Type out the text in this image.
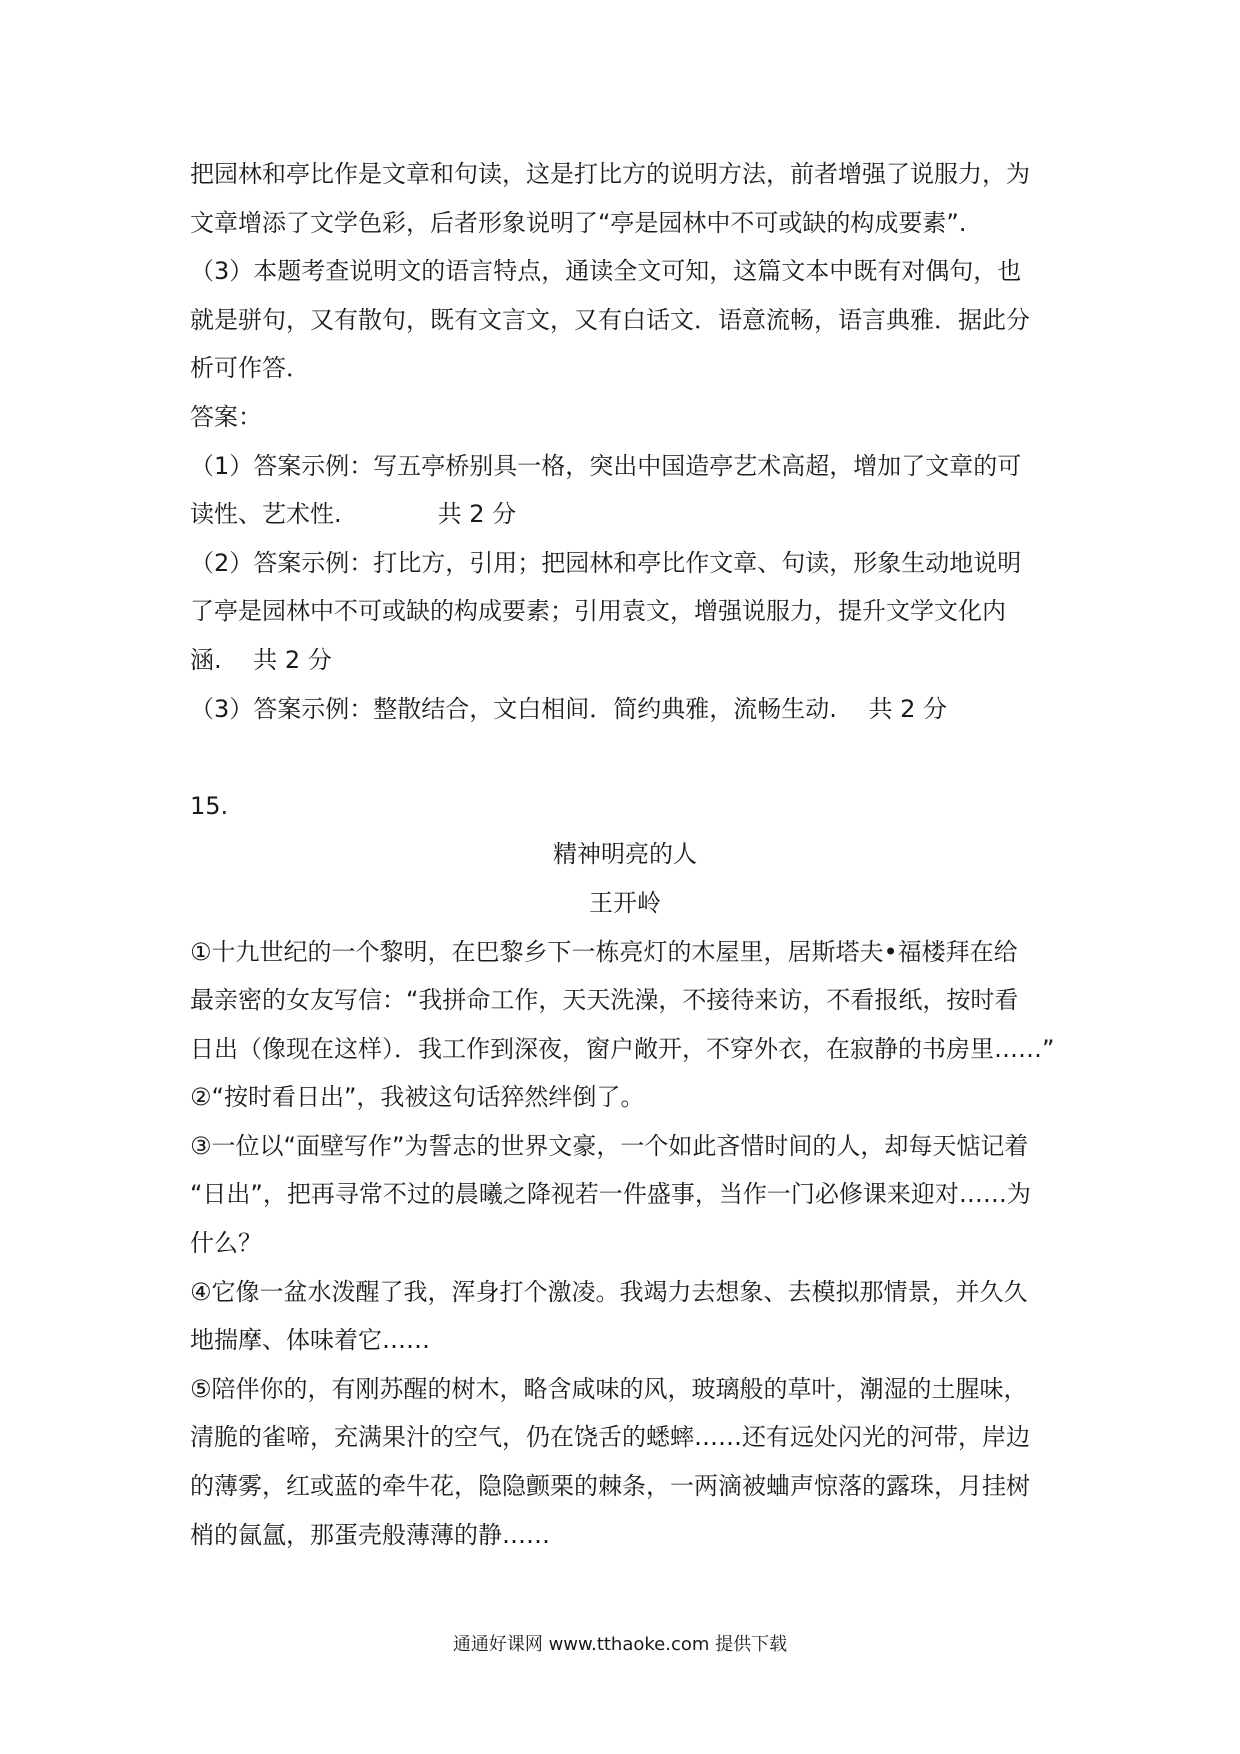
把园林和亭比作是文章和句读，这是打比方的说明方法，前者增强了说服力，为

文章增添了文学色彩，后者形象说明了“亭是园林中不可或缺的构成要素”.

（3）本题考查说明文的语言特点，通读全文可知，这篇文本中既有对偶句，也

就是骈句，又有散句，既有文言文，又有白话文．语意流畅，语言典雅．据此分

析可作答．

答案：

（1）答案示例：写五亭桥别具一格，突出中国造亭艺术高超，增加了文章的可

读性、艺术性.　　　　共 2 分

（2）答案示例：打比方，引用；把园林和亭比作文章、句读，形象生动地说明

了亭是园林中不可或缺的构成要素；引用袁文，增强说服力，提升文学文化内

涵.　 共 2 分

（3）答案示例：整散结合，文白相间．简约典雅，流畅生动.　 共 2 分

15.

精神明亮的人

王开岭

①十九世纪的一个黎明，在巴黎乡下一栋亮灯的木屋里，居斯塔夫•福楼拜在给

最亲密的女友写信：“我拼命工作，天天洗澡，不接待来访，不看报纸，按时看

日出（像现在这样）．我工作到深夜，窗户敞开，不穿外衣，在寂静的书房里……”

②“按时看日出”，我被这句话猝然绊倒了。

③一位以“面壁写作”为誓志的世界文豪，一个如此吝惜时间的人，却每天惦记着

“日出”，把再寻常不过的晨曦之降视若一件盛事，当作一门必修课来迎对……为

什么？

④它像一盆水泼醒了我，浑身打个激凌。我竭力去想象、去模拟那情景，并久久

地揣摩、体味着它……

⑤陪伴你的，有刚苏醒的树木，略含咸味的风，玻璃般的草叶，潮湿的土腥味，

清脆的雀啼，充满果汁的空气，仍在饶舌的蟋蟀……还有远处闪光的河带，岸边

的薄雾，红或蓝的牵牛花，隐隐颤栗的棘条，一两滴被蛐声惊落的露珠，月挂树

梢的氤氲，那蛋壳般薄薄的静……

通通好课网 www.tthaoke.com 提供下载
